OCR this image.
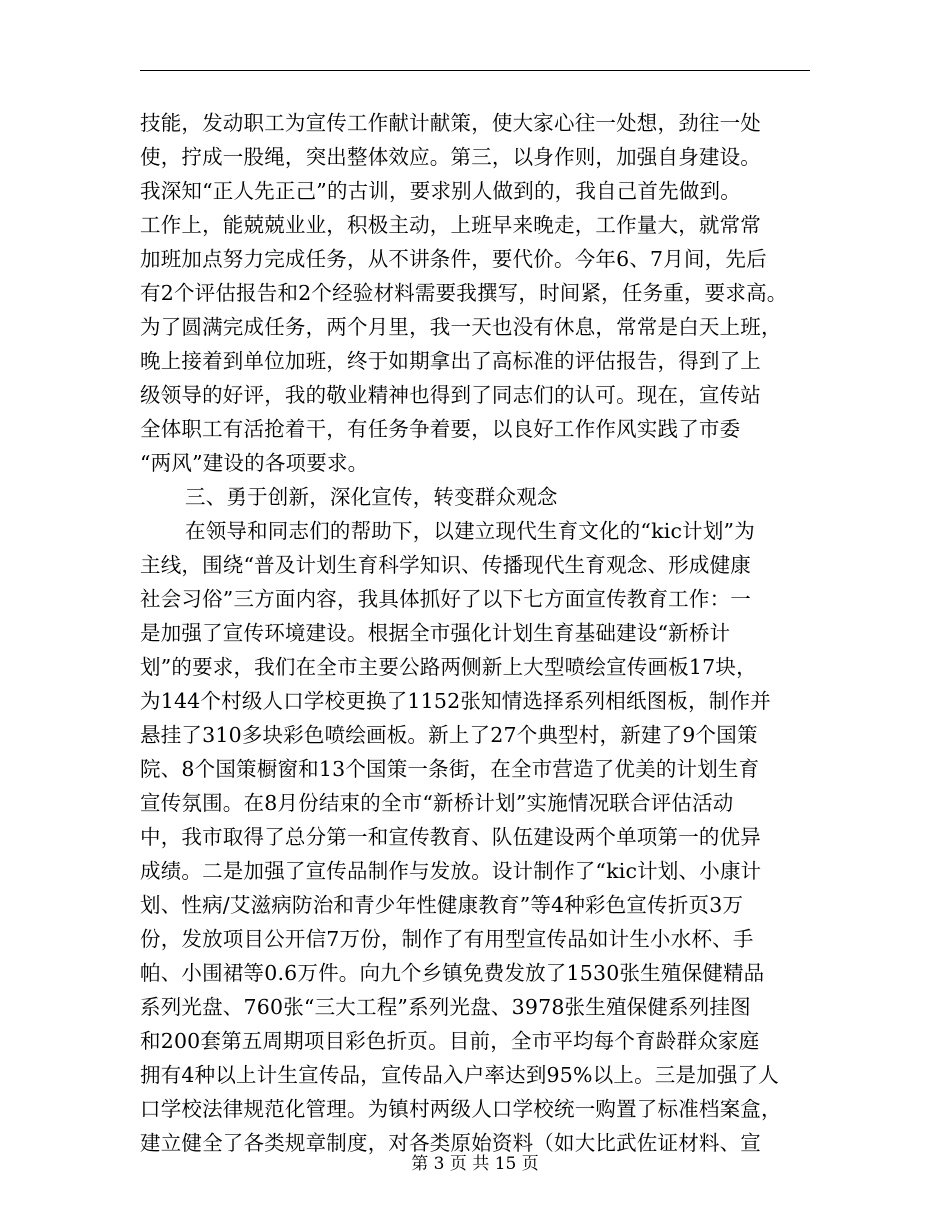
技能，发动职工为宣传工作献计献策，使大家心往一处想，劲往一处
使，拧成一股绳，突出整体效应。第三，以身作则，加强自身建设。
我深知“正人先正己”的古训，要求别人做到的，我自己首先做到。
工作上，能兢兢业业，积极主动，上班早来晚走，工作量大，就常常
加班加点努力完成任务，从不讲条件，要代价。今年6、7月间，先后
有2个评估报告和2个经验材料需要我撰写，时间紧，任务重，要求高。
为了圆满完成任务，两个月里，我一天也没有休息，常常是白天上班，
晚上接着到单位加班，终于如期拿出了高标准的评估报告，得到了上
级领导的好评，我的敬业精神也得到了同志们的认可。现在，宣传站
全体职工有活抢着干，有任务争着要，以良好工作作风实践了市委
“两风”建设的各项要求。
三、勇于创新，深化宣传，转变群众观念
在领导和同志们的帮助下，以建立现代生育文化的“kic计划”为
主线，围绕“普及计划生育科学知识、传播现代生育观念、形成健康
社会习俗”三方面内容，我具体抓好了以下七方面宣传教育工作：一
是加强了宣传环境建设。根据全市强化计划生育基础建设“新桥计
划”的要求，我们在全市主要公路两侧新上大型喷绘宣传画板17块，
为144个村级人口学校更换了1152张知情选择系列相纸图板，制作并
悬挂了310多块彩色喷绘画板。新上了27个典型村，新建了9个国策
院、8个国策橱窗和13个国策一条街，在全市营造了优美的计划生育
宣传氛围。在8月份结束的全市“新桥计划”实施情况联合评估活动
中，我市取得了总分第一和宣传教育、队伍建设两个单项第一的优异
成绩。二是加强了宣传品制作与发放。设计制作了“kic计划、小康计
划、性病/艾滋病防治和青少年性健康教育”等4种彩色宣传折页3万
份，发放项目公开信7万份，制作了有用型宣传品如计生小水杯、手
帕、小围裙等0.6万件。向九个乡镇免费发放了1530张生殖保健精品
系列光盘、760张“三大工程”系列光盘、3978张生殖保健系列挂图
和200套第五周期项目彩色折页。目前，全市平均每个育龄群众家庭
拥有4种以上计生宣传品，宣传品入户率达到95%以上。三是加强了人
口学校法律规范化管理。为镇村两级人口学校统一购置了标准档案盒，
建立健全了各类规章制度，对各类原始资料（如大比武佐证材料、宣
第 3 页 共 15 页
